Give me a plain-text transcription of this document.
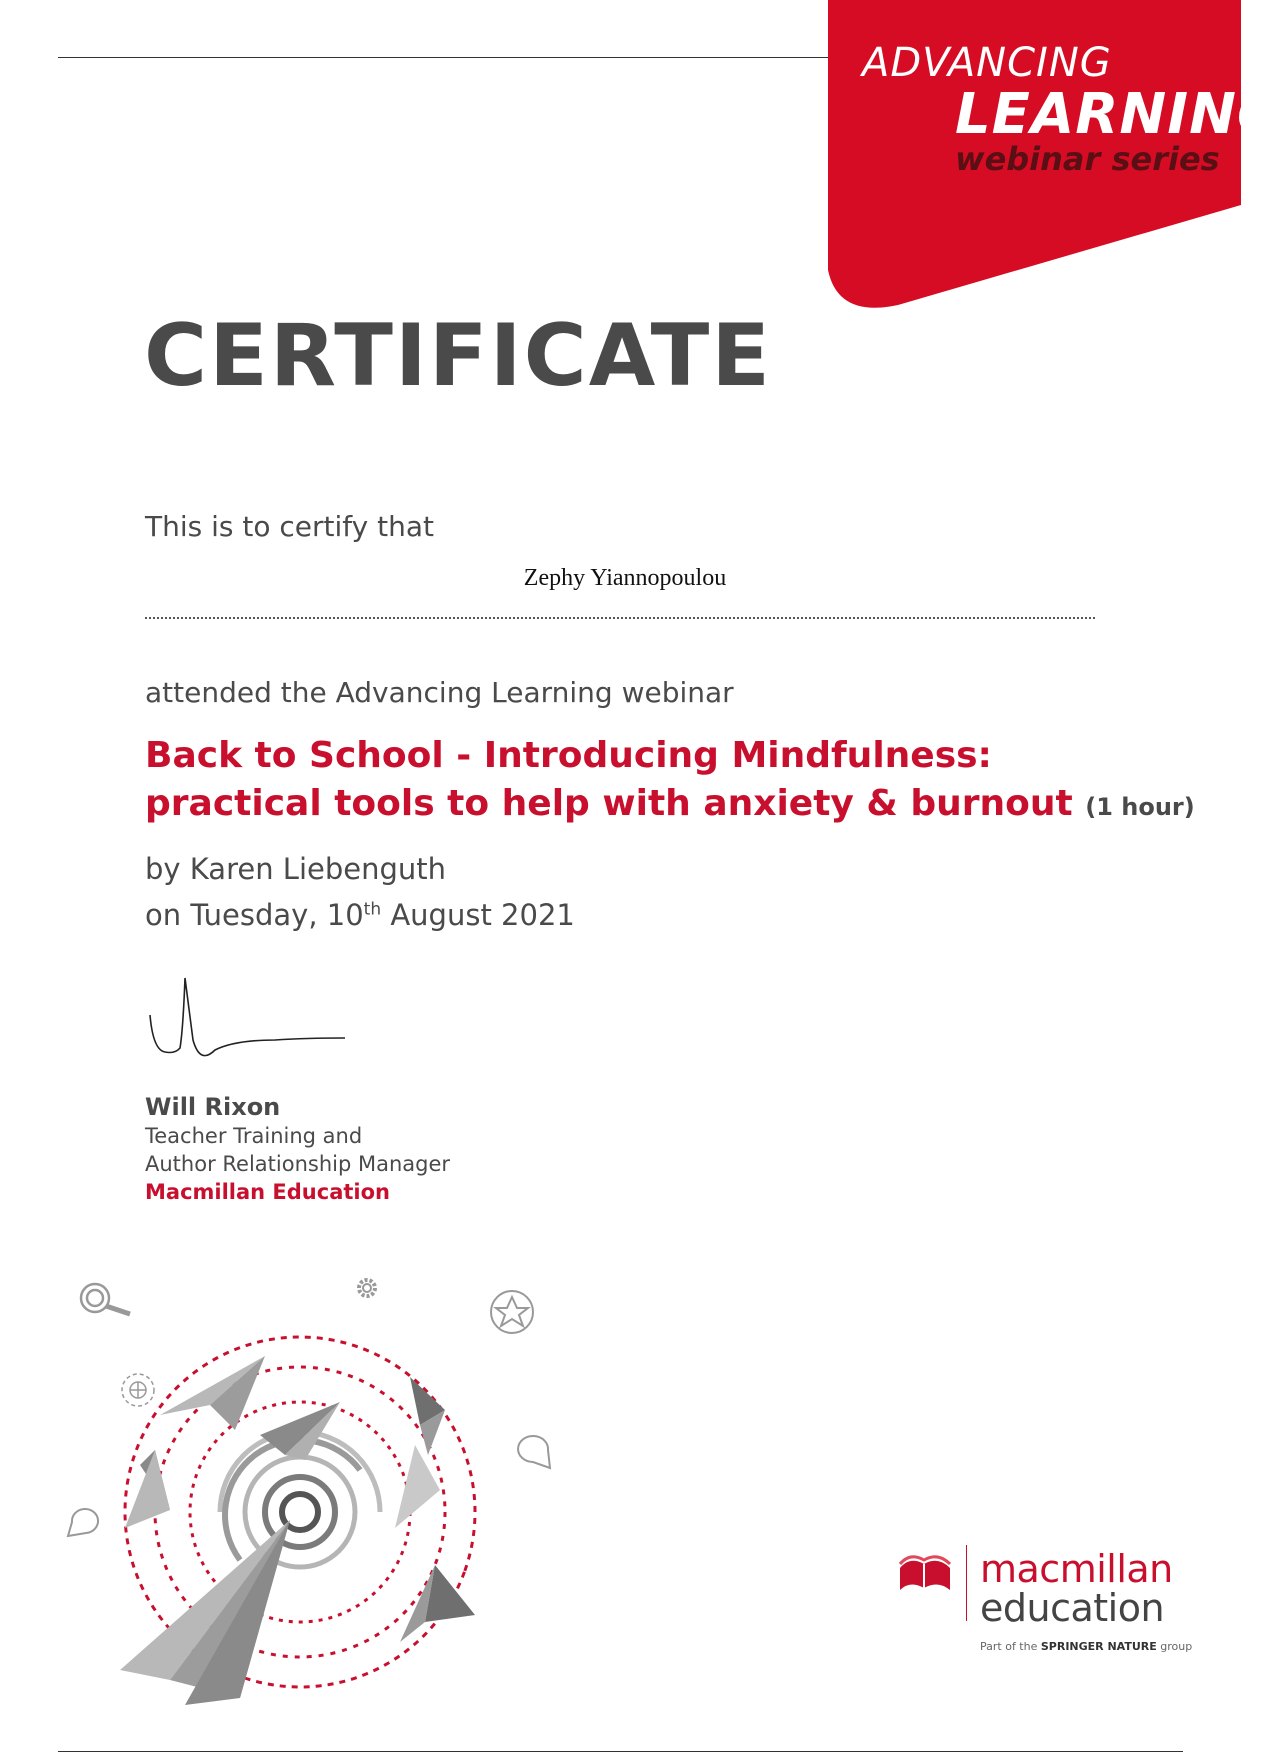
ADVANCING
LEARNING
webinar series
CERTIFICATE
This is to certify that
Zephy Yiannopoulou
attended the Advancing Learning webinar
Back to School - Introducing Mindfulness:
practical tools to help with anxiety & burnout (1 hour)
by Karen Liebenguth
on Tuesday, 10th August 2021
Will Rixon
Teacher Training and
Author Relationship Manager
Macmillan Education
macmillan
education
Part of the SPRINGER NATURE group
